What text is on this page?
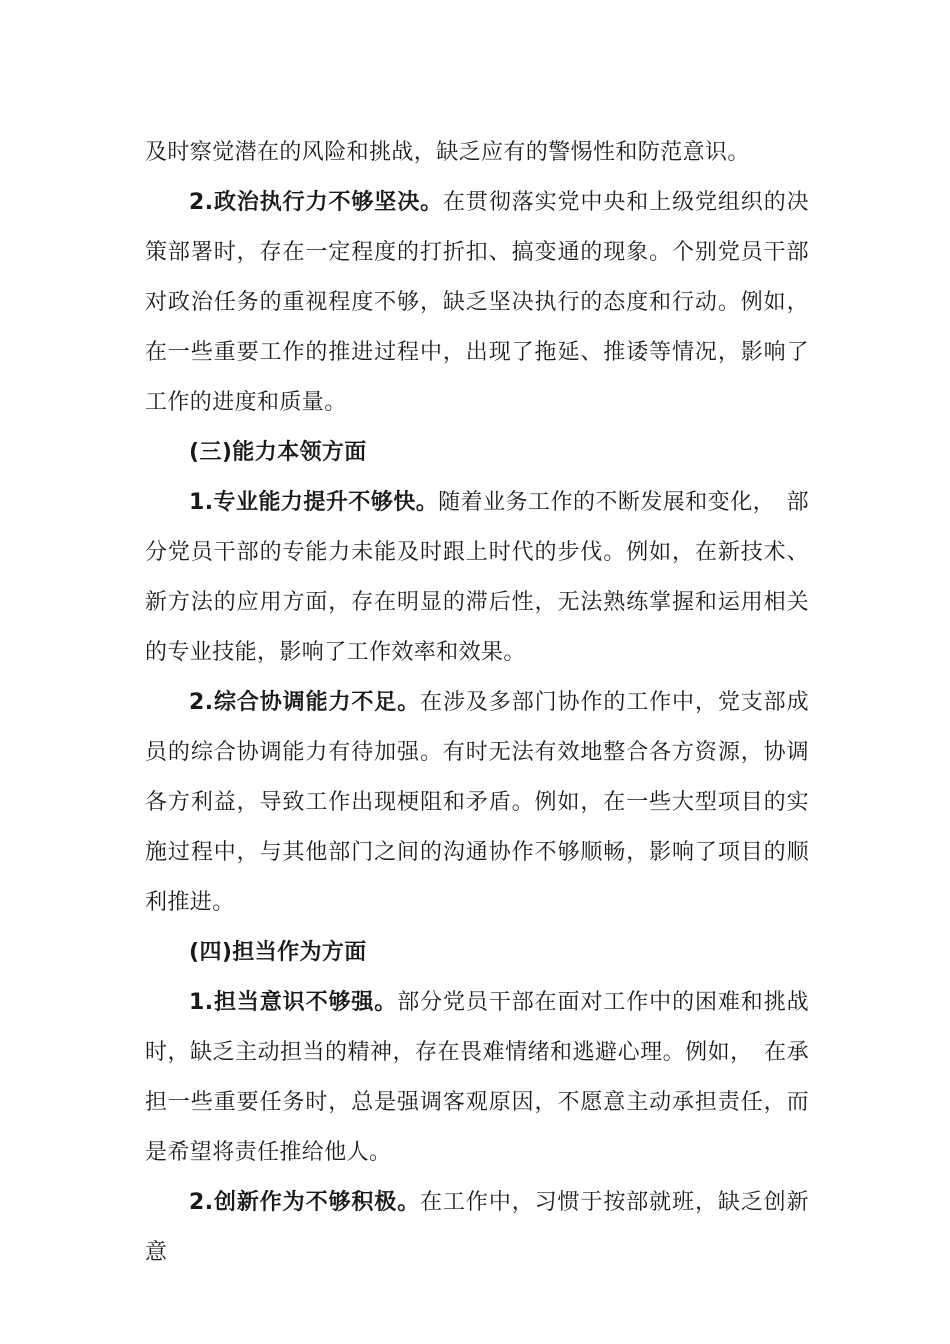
及时察觉潜在的风险和挑战，缺乏应有的警惕性和防范意识。

2.政治执行力不够坚决。在贯彻落实党中央和上级党组织的决策部署时，存在一定程度的打折扣、搞变通的现象。个别党员干部对政治任务的重视程度不够，缺乏坚决执行的态度和行动。例如，在一些重要工作的推进过程中，出现了拖延、推诿等情况，影响了工作的进度和质量。

(三)能力本领方面

1.专业能力提升不够快。随着业务工作的不断发展和变化，　部分党员干部的专能力未能及时跟上时代的步伐。例如，在新技术、新方法的应用方面，存在明显的滞后性，无法熟练掌握和运用相关的专业技能，影响了工作效率和效果。

2.综合协调能力不足。在涉及多部门协作的工作中，党支部成员的综合协调能力有待加强。有时无法有效地整合各方资源，协调各方利益，导致工作出现梗阻和矛盾。例如，在一些大型项目的实施过程中，与其他部门之间的沟通协作不够顺畅，影响了项目的顺利推进。

(四)担当作为方面

1.担当意识不够强。部分党员干部在面对工作中的困难和挑战时，缺乏主动担当的精神，存在畏难情绪和逃避心理。例如，　在承担一些重要任务时，总是强调客观原因，不愿意主动承担责任，而是希望将责任推给他人。

2.创新作为不够积极。在工作中，习惯于按部就班，缺乏创新意
